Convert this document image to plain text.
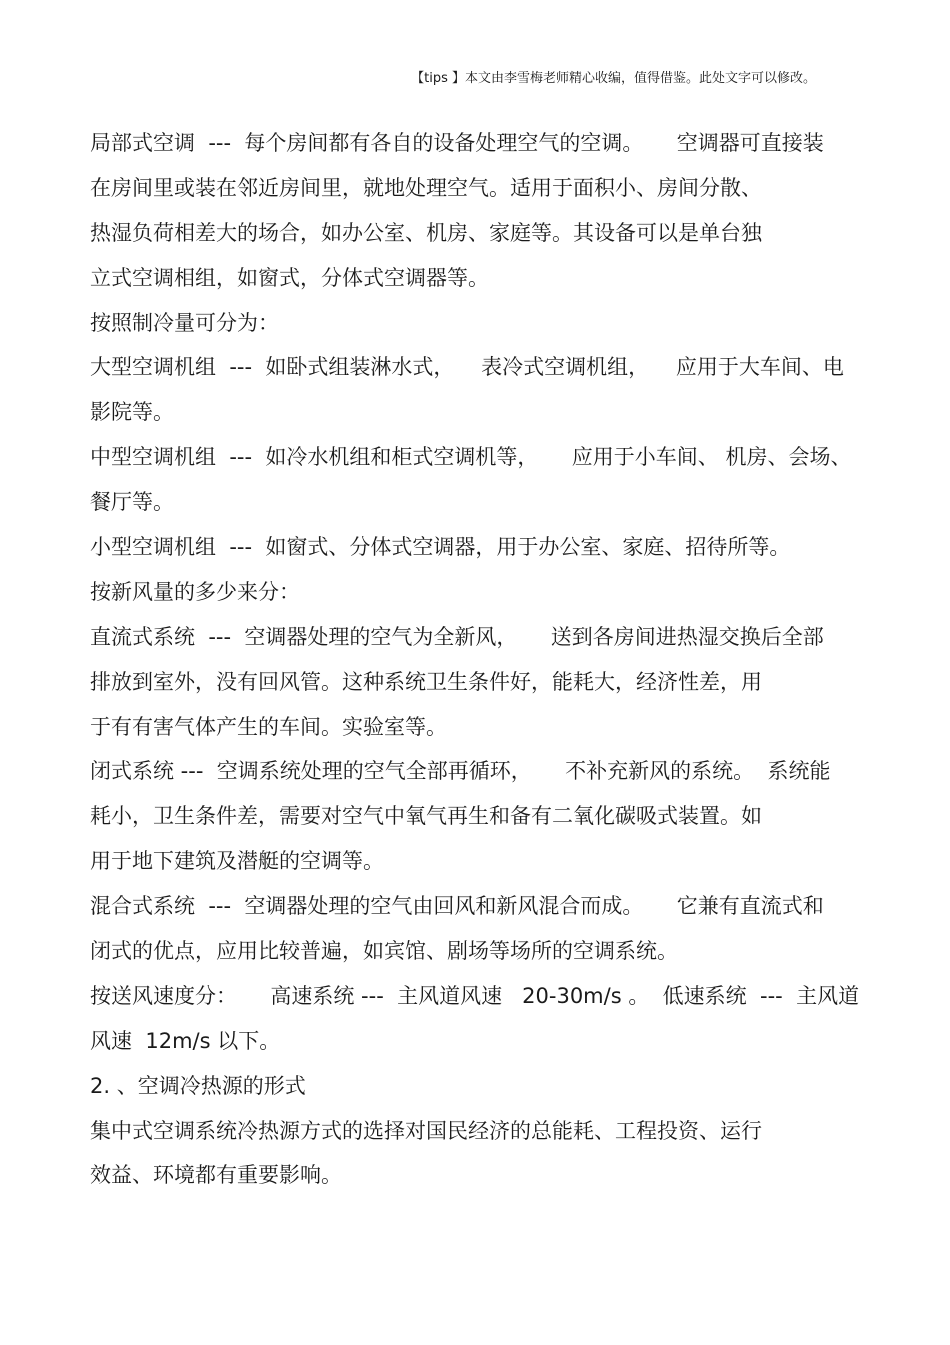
【tips 】本文由李雪梅老师精心收编，值得借鉴。此处文字可以修改。
局部式空调  ---  每个房间都有各自的设备处理空气的空调。     空调器可直接装
在房间里或装在邻近房间里，就地处理空气。适用于面积小、房间分散、
热湿负荷相差大的场合，如办公室、机房、家庭等。其设备可以是单台独
立式空调相组，如窗式，分体式空调器等。
按照制冷量可分为：
大型空调机组  ---  如卧式组装淋水式，    表冷式空调机组，    应用于大车间、电
影院等。
中型空调机组  ---  如冷水机组和柜式空调机等，     应用于小车间、 机房、会场、
餐厅等。
小型空调机组  ---  如窗式、分体式空调器，用于办公室、家庭、招待所等。
按新风量的多少来分：
直流式系统  ---  空调器处理的空气为全新风，     送到各房间进热湿交换后全部
排放到室外，没有回风管。这种系统卫生条件好，能耗大，经济性差，用
于有有害气体产生的车间。实验室等。
闭式系统 ---  空调系统处理的空气全部再循环，     不补充新风的系统。  系统能
耗小，卫生条件差，需要对空气中氧气再生和备有二氧化碳吸式装置。如
用于地下建筑及潜艇的空调等。
混合式系统  ---  空调器处理的空气由回风和新风混合而成。     它兼有直流式和
闭式的优点，应用比较普遍，如宾馆、剧场等场所的空调系统。
按送风速度分：     高速系统 ---  主风道风速   20-30m/s 。  低速系统  ---  主风道
风速  12m/s 以下。
2. 、空调冷热源的形式
集中式空调系统冷热源方式的选择对国民经济的总能耗、工程投资、运行
效益、环境都有重要影响。
